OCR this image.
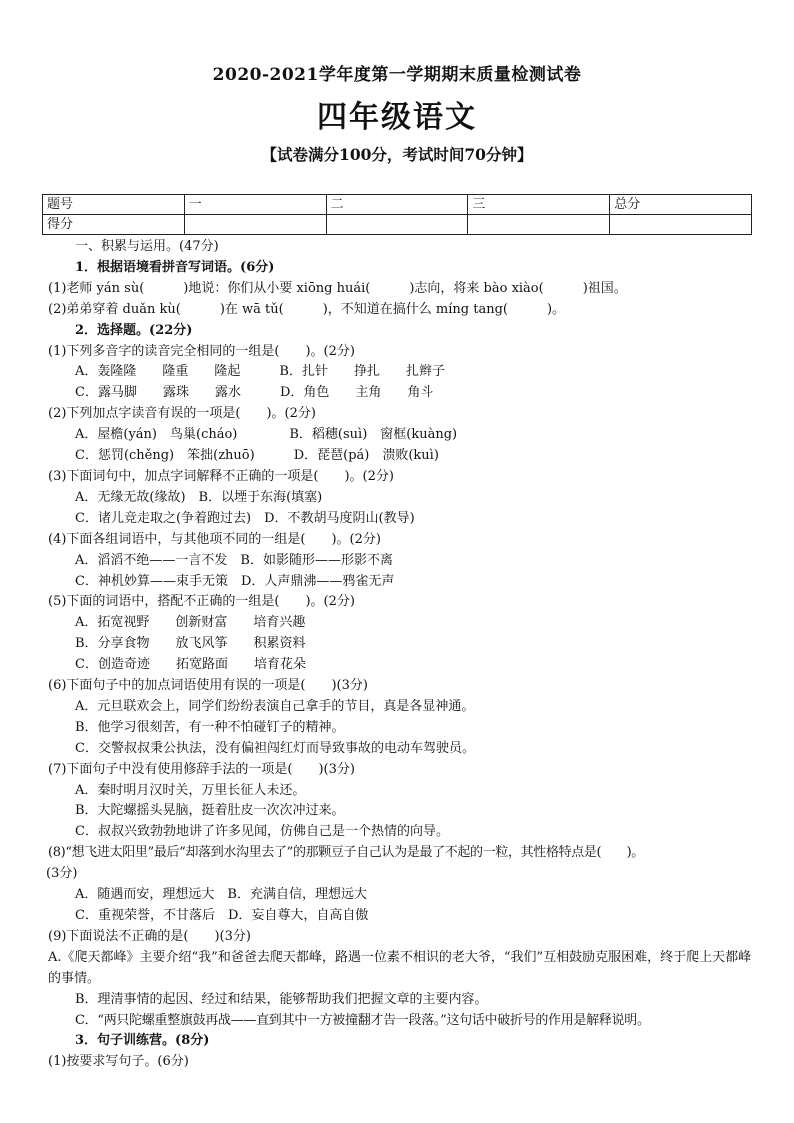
2020-2021学年度第一学期期末质量检测试卷
四年级语文
【试卷满分100分，考试时间70分钟】
题号	一	二	三	总分
得分				
一、积累与运用。(47分)
1．根据语境看拼音写词语。(6分)
(1)老师 yán sù(　　　)地说：你们从小要 xiōng huái(　　　)志向，将来 bào xiào(　　　)祖国。
(2)弟弟穿着 duǎn kù(　　　)在 wā tǔ(　　　)，不知道在搞什么 míng tang(　　　)。
2．选择题。(22分)
(1)下列多音字的读音完全相同的一组是(　　)。(2分)
A．轰隆隆　　隆重　　隆起　　　B．扎针　　挣扎　　扎辫子
C．露马脚　　露珠　　露水　　　D．角色　　主角　　角斗
(2)下列加点字读音有误的一项是(　　)。(2分)
A．屋檐(yán)　鸟巢(cháo)　　　　B．稻穗(suì)　窗框(kuàng)
C．惩罚(chěng)　笨拙(zhuō)　　　D．琵琶(pá)　溃败(kuì)
(3)下面词句中，加点字词解释不正确的一项是(　　)。(2分)
A．无缘无故(缘故)　B．以堙于东海(填塞)
C．诸儿竞走取之(争着跑过去)　D．不教胡马度阴山(教导)
(4)下面各组词语中，与其他项不同的一组是(　　)。(2分)
A．滔滔不绝——一言不发　B．如影随形——形影不离
C．神机妙算——束手无策　D．人声鼎沸——鸦雀无声
(5)下面的词语中，搭配不正确的一组是(　　)。(2分)
A．拓宽视野　　创新财富　　培育兴趣
B．分享食物　　放飞风筝　　积累资料
C．创造奇迹　　拓宽路面　　培育花朵
(6)下面句子中的加点词语使用有误的一项是(　　)(3分)
A．元旦联欢会上，同学们纷纷表演自己拿手的节目，真是各显神通。
B．他学习很刻苦，有一种不怕碰钉子的精神。
C．交警叔叔秉公执法，没有偏袒闯红灯而导致事故的电动车驾驶员。
(7)下面句子中没有使用修辞手法的一项是(　　)(3分)
A．秦时明月汉时关，万里长征人未还。
B．大陀螺摇头晃脑，挺着肚皮一次次冲过来。
C．叔叔兴致勃勃地讲了许多见闻，仿佛自己是一个热情的向导。
(8)“想飞进太阳里”最后“却落到水沟里去了”的那颗豆子自己认为是最了不起的一粒，其性格特点是(　　)。
(3分)
A．随遇而安，理想远大　B．充满自信，理想远大
C．重视荣誉，不甘落后　D．妄自尊大，自高自傲
(9)下面说法不正确的是(　　)(3分)
A.《爬天都峰》主要介绍“我”和爸爸去爬天都峰，路遇一位素不相识的老大爷，“我们”互相鼓励克服困难，终于爬上天都峰的事情。
B．理清事情的起因、经过和结果，能够帮助我们把握文章的主要内容。
C．“两只陀螺重整旗鼓再战——直到其中一方被撞翻才告一段落。”这句话中破折号的作用是解释说明。
3．句子训练营。(8分)
(1)按要求写句子。(6分)
